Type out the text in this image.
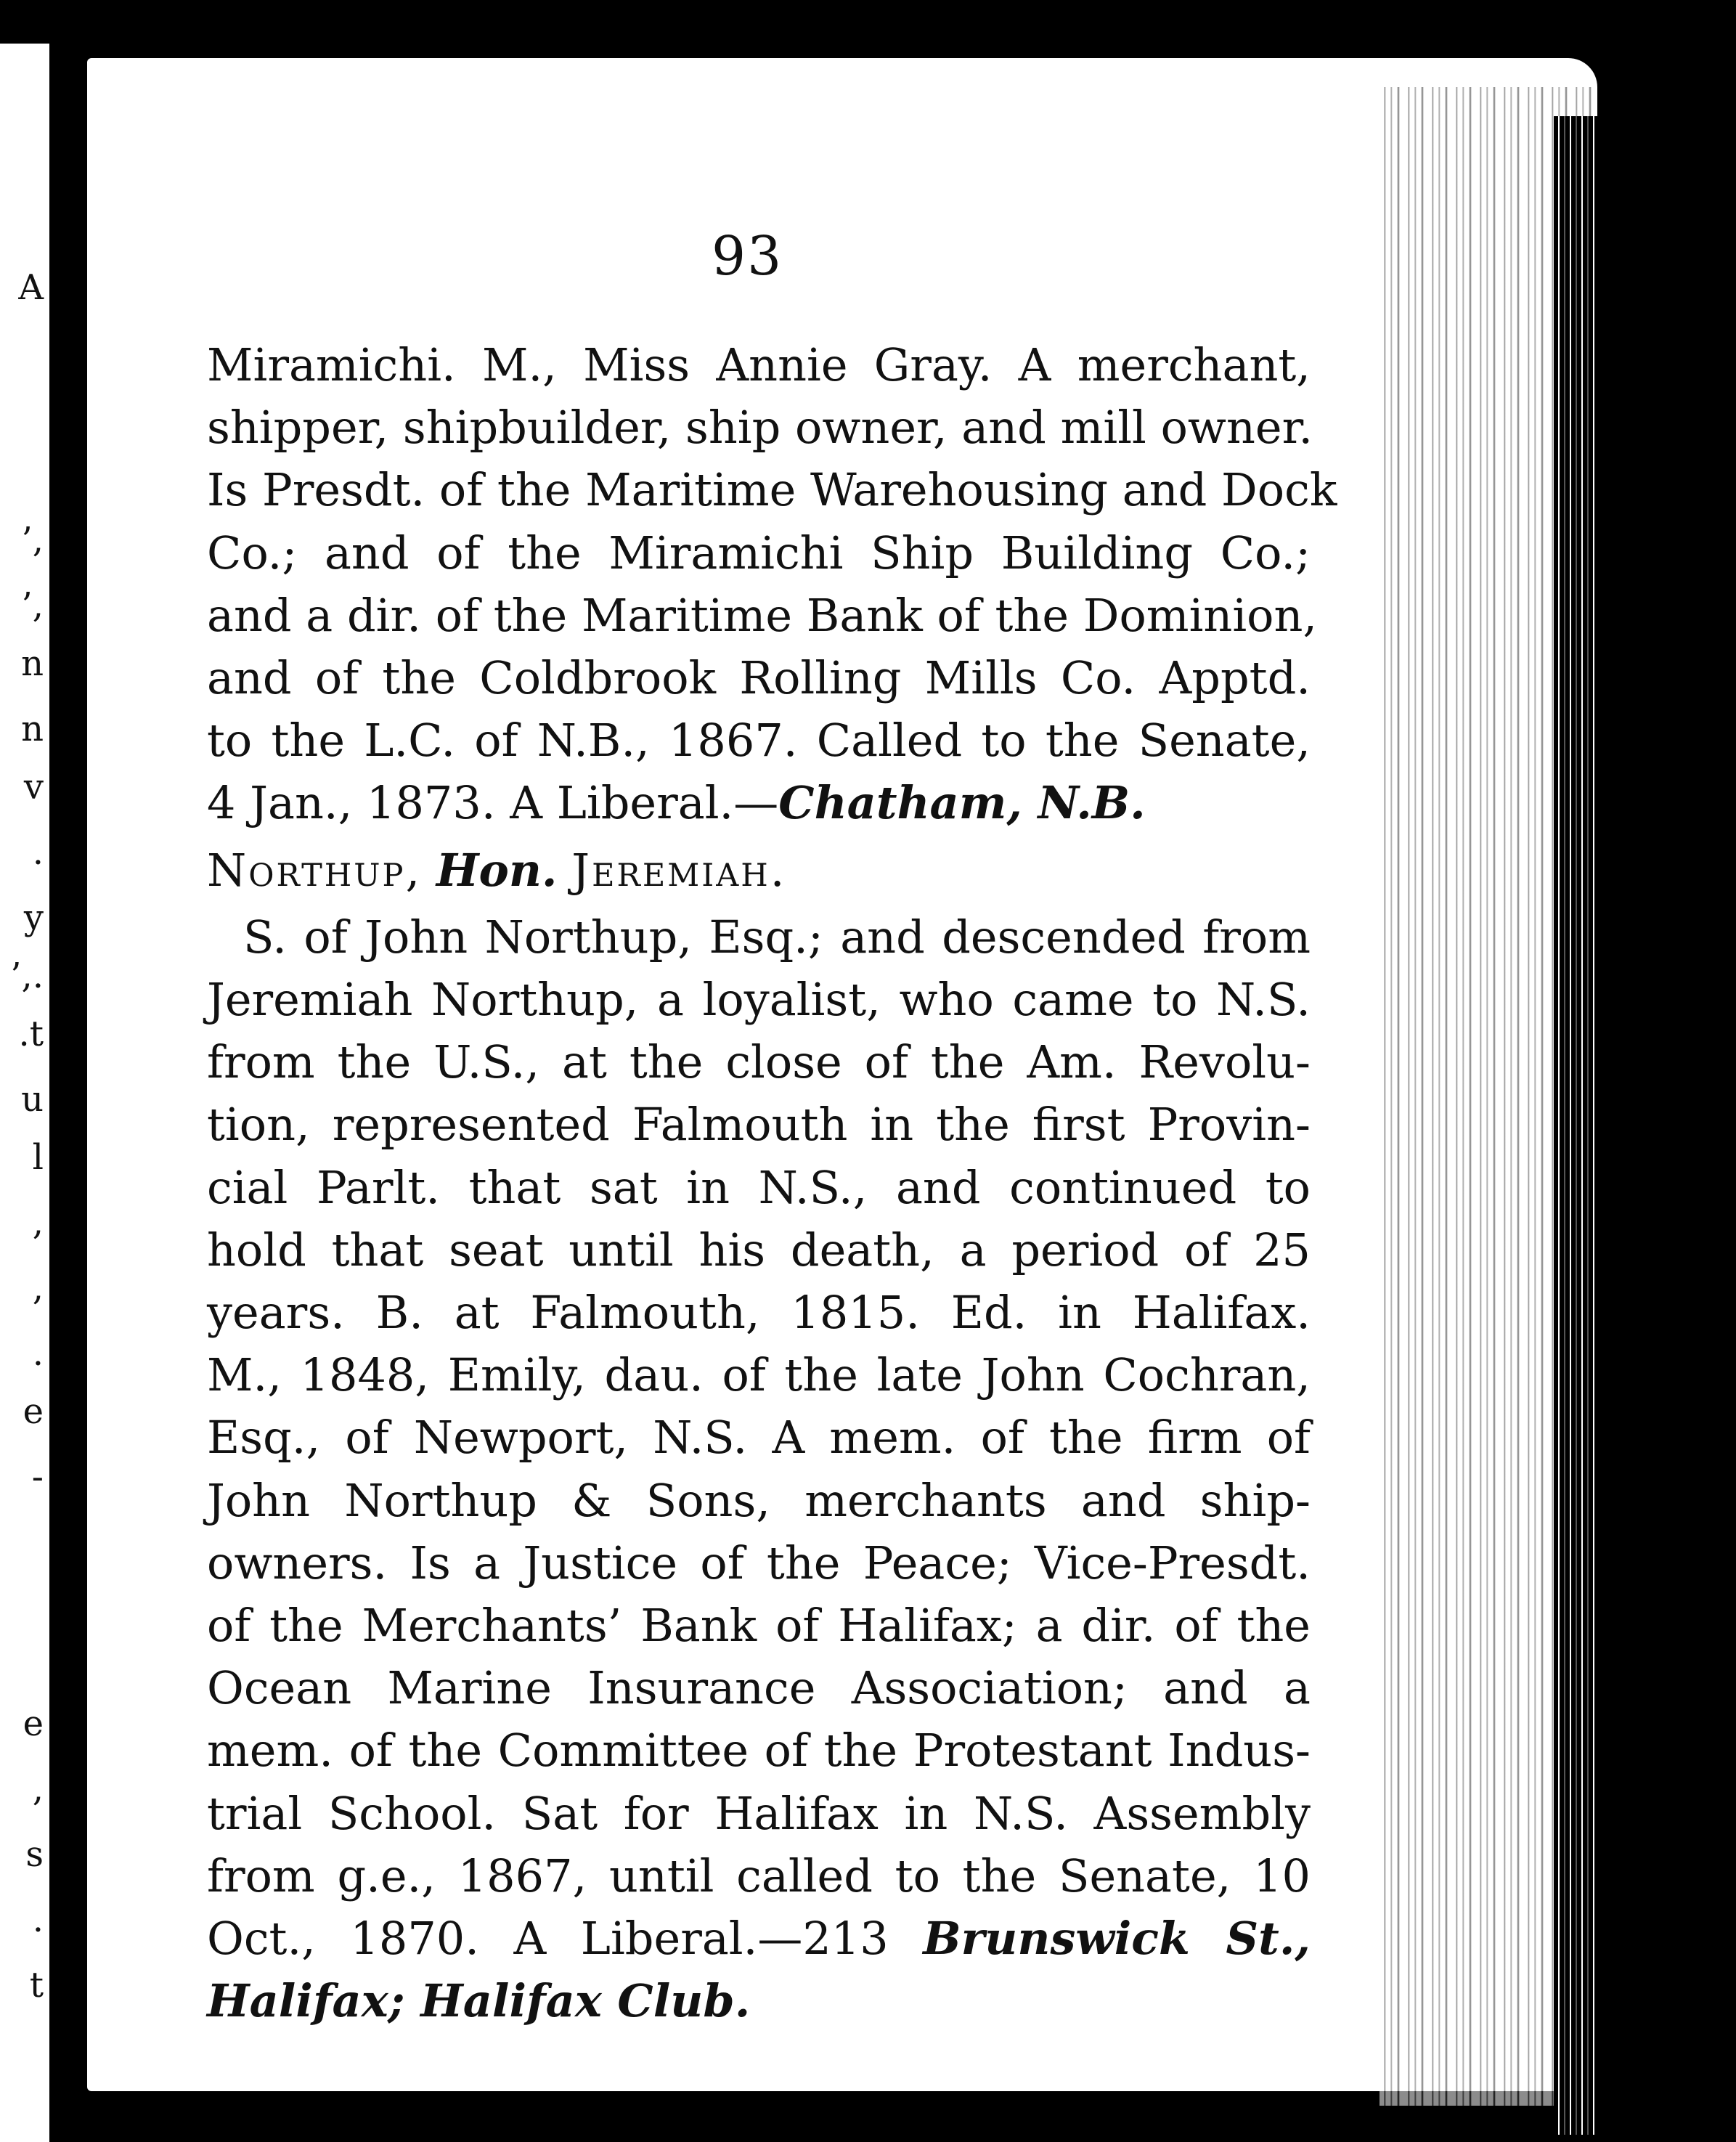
A
’,
’,
n
n
v
.
y
’,.
.t
u
l
,
,
.
e
-
e
,
s
.
t
93
Miramichi. M., Miss Annie Gray. A merchant,
shipper, shipbuilder, ship owner, and mill owner.
Is Presdt. of the Maritime Warehousing and Dock
Co.; and of the Miramichi Ship Building Co.;
and a dir. of the Maritime Bank of the Dominion,
and of the Coldbrook Rolling Mills Co. Apptd.
to the L.C. of N.B., 1867. Called to the Senate,
4 Jan., 1873. A Liberal.—Chatham, N.B.
Northup, Hon. Jeremiah.
S. of John Northup, Esq.; and descended from
Jeremiah Northup, a loyalist, who came to N.S.
from the U.S., at the close of the Am. Revolu-
tion, represented Falmouth in the first Provin-
cial Parlt. that sat in N.S., and continued to
hold that seat until his death, a period of 25
years. B. at Falmouth, 1815. Ed. in Halifax.
M., 1848, Emily, dau. of the late John Cochran,
Esq., of Newport, N.S. A mem. of the firm of
John Northup & Sons, merchants and ship-
owners. Is a Justice of the Peace; Vice-Presdt.
of the Merchants’ Bank of Halifax; a dir. of the
Ocean Marine Insurance Association; and a
mem. of the Committee of the Protestant Indus-
trial School. Sat for Halifax in N.S. Assembly
from g.e., 1867, until called to the Senate, 10
Oct., 1870. A Liberal.—213 Brunswick St.,
Halifax; Halifax Club.
